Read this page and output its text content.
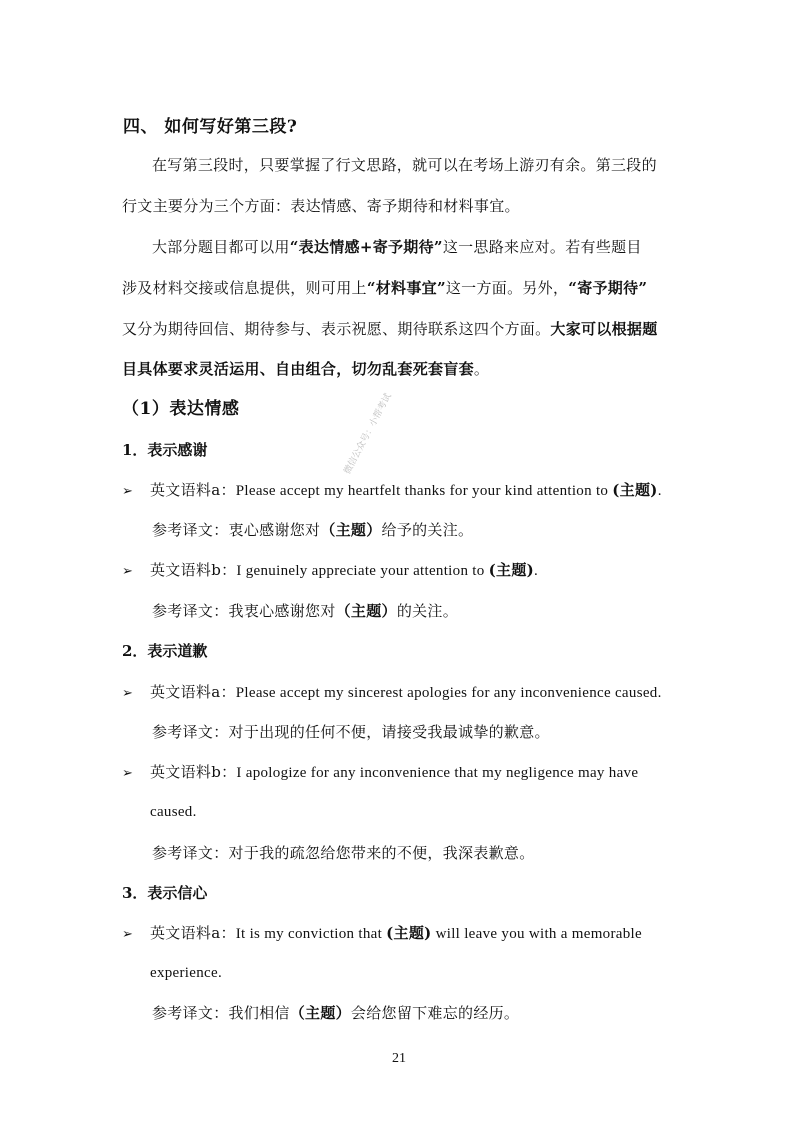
四、 如何写好第三段?
在写第三段时，只要掌握了行文思路，就可以在考场上游刃有余。第三段的
行文主要分为三个方面：表达情感、寄予期待和材料事宜。
大部分题目都可以用“表达情感+寄予期待”这一思路来应对。若有些题目
涉及材料交接或信息提供，则可用上“材料事宜”这一方面。另外，“寄予期待”
又分为期待回信、期待参与、表示祝愿、期待联系这四个方面。大家可以根据题
目具体要求灵活运用、自由组合，切勿乱套死套盲套。
（1）表达情感
1．表示感谢
➢ 英文语料a：Please accept my heartfelt thanks for your kind attention to (主题).
参考译文：衷心感谢您对（主题）给予的关注。
➢ 英文语料b：I genuinely appreciate your attention to (主题).
参考译文：我衷心感谢您对（主题）的关注。
2．表示道歉
➢ 英文语料a：Please accept my sincerest apologies for any inconvenience caused.
参考译文：对于出现的任何不便，请接受我最诚挚的歉意。
➢ 英文语料b：I apologize for any inconvenience that my negligence may have
caused.
参考译文：对于我的疏忽给您带来的不便，我深表歉意。
3．表示信心
➢ 英文语料a：It is my conviction that (主题) will leave you with a memorable
experience.
参考译文：我们相信（主题）会给您留下难忘的经历。
微信公众号：小帮考试
21
